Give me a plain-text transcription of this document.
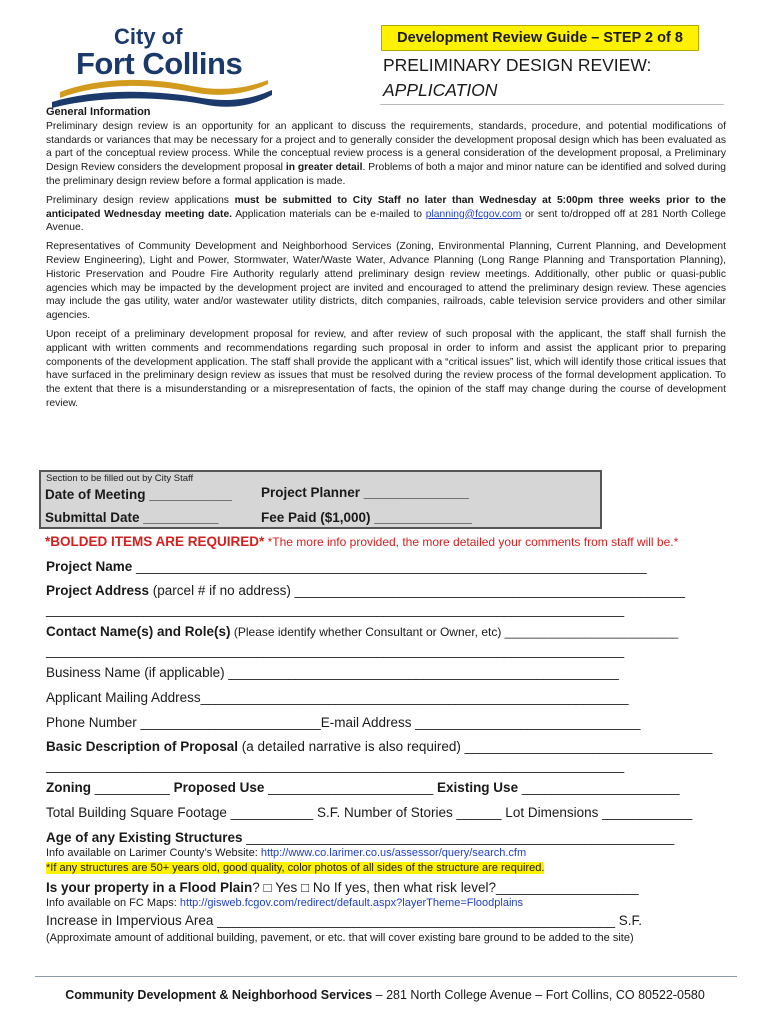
City of
Fort Collins
Development Review Guide – STEP 2 of 8
PRELIMINARY DESIGN REVIEW:
APPLICATION
General Information

Preliminary design review is an opportunity for an applicant to discuss the requirements, standards, procedure, and potential modifications of standards or variances that may be necessary for a project and to generally consider the development proposal design which has been evaluated as a part of the conceptual review process. While the conceptual review process is a general consideration of the development proposal, a Preliminary Design Review considers the development proposal in greater detail. Problems of both a major and minor nature can be identified and solved during the preliminary design review before a formal application is made.

Preliminary design review applications must be submitted to City Staff no later than Wednesday at 5:00pm three weeks prior to the anticipated Wednesday meeting date. Application materials can be e-mailed to planning@fcgov.com or sent to/dropped off at 281 North College Avenue.

Representatives of Community Development and Neighborhood Services (Zoning, Environmental Planning, Current Planning, and Development Review Engineering), Light and Power, Stormwater, Water/Waste Water, Advance Planning (Long Range Planning and Transportation Planning), Historic Preservation and Poudre Fire Authority regularly attend preliminary design review meetings. Additionally, other public or quasi-public agencies which may be impacted by the development project are invited and encouraged to attend the preliminary design review. These agencies may include the gas utility, water and/or wastewater utility districts, ditch companies, railroads, cable television service providers and other similar agencies.

Upon receipt of a preliminary development proposal for review, and after review of such proposal with the applicant, the staff shall furnish the applicant with written comments and recommendations regarding such proposal in order to inform and assist the applicant prior to preparing components of the development application. The staff shall provide the applicant with a “critical issues” list, which will identify those critical issues that have surfaced in the preliminary design review as issues that must be resolved during the review process of the formal development application. To the extent that there is a misunderstanding or a misrepresentation of facts, the opinion of the staff may change during the course of development review.

Section to be filled out by City Staff
Date of Meeting ___________ Project Planner ______________
Submittal Date __________	Fee Paid ($1,000) _____________
*BOLDED ITEMS ARE REQUIRED* *The more info provided, the more detailed your comments from staff will be.*
Project Name ____________________________________________________________________
Project Address (parcel # if no address) ____________________________________________________
_____________________________________________________________________________
Contact Name(s) and Role(s) (Please identify whether Consultant or Owner, etc) __________________________
_____________________________________________________________________________
Business Name (if applicable) ____________________________________________________
Applicant Mailing Address_________________________________________________________
Phone Number ________________________E-mail Address ______________________________
Basic Description of Proposal (a detailed narrative is also required) _________________________________
_____________________________________________________________________________
Zoning __________ Proposed Use ______________________ Existing Use _____________________
Total Building Square Footage ___________ S.F. Number of Stories ______ Lot Dimensions ____________
Age of any Existing Structures _________________________________________________________
Info available on Larimer County’s Website: http://www.co.larimer.co.us/assessor/query/search.cfm
*If any structures are 50+ years old, good quality, color photos of all sides of the structure are required.
Is your property in a Flood Plain? □ Yes □ No If yes, then what risk level?___________________
Info available on FC Maps: http://gisweb.fcgov.com/redirect/default.aspx?layerTheme=Floodplains
Increase in Impervious Area _____________________________________________________ S.F.
(Approximate amount of additional building, pavement, or etc. that will cover existing bare ground to be added to the site)
Community Development & Neighborhood Services – 281 North College Avenue – Fort Collins, CO 80522-0580
